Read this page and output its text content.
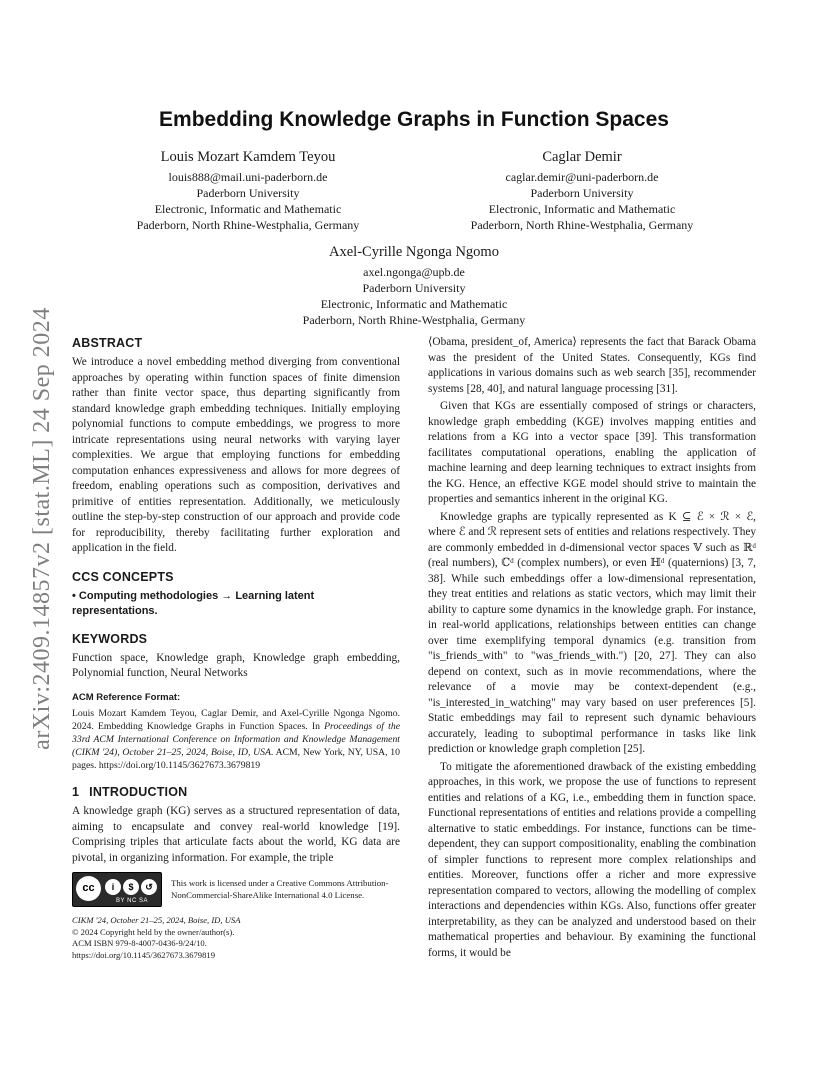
arXiv:2409.14857v2 [stat.ML] 24 Sep 2024
Embedding Knowledge Graphs in Function Spaces
Louis Mozart Kamdem Teyou
louis888@mail.uni-paderborn.de
Paderborn University
Electronic, Informatic and Mathematic
Paderborn, North Rhine-Westphalia, Germany
Caglar Demir
caglar.demir@uni-paderborn.de
Paderborn University
Electronic, Informatic and Mathematic
Paderborn, North Rhine-Westphalia, Germany
Axel-Cyrille Ngonga Ngomo
axel.ngonga@upb.de
Paderborn University
Electronic, Informatic and Mathematic
Paderborn, North Rhine-Westphalia, Germany
ABSTRACT

We introduce a novel embedding method diverging from conventional approaches by operating within function spaces of finite dimension rather than finite vector space, thus departing significantly from standard knowledge graph embedding techniques. Initially employing polynomial functions to compute embeddings, we progress to more intricate representations using neural networks with varying layer complexities. We argue that employing functions for embedding computation enhances expressiveness and allows for more degrees of freedom, enabling operations such as composition, derivatives and primitive of entities representation. Additionally, we meticulously outline the step-by-step construction of our approach and provide code for reproducibility, thereby facilitating further exploration and application in the field.

CCS CONCEPTS
• Computing methodologies → Learning latent representations.
KEYWORDS

Function space, Knowledge graph, Knowledge graph embedding, Polynomial function, Neural Networks

ACM Reference Format:
Louis Mozart Kamdem Teyou, Caglar Demir, and Axel-Cyrille Ngonga Ngomo. 2024. Embedding Knowledge Graphs in Function Spaces. In Proceedings of the 33rd ACM International Conference on Information and Knowledge Management (CIKM '24), October 21–25, 2024, Boise, ID, USA. ACM, New York, NY, USA, 10 pages. https://doi.org/10.1145/3627673.3679819
1 INTRODUCTION

A knowledge graph (KG) serves as a structured representation of data, aiming to encapsulate and convey real-world knowledge [19]. Comprising triples that articulate facts about the world, KG data are pivotal, in organizing information. For example, the triple

cc	i	$	↺
BY NC SA
This work is licensed under a Creative Commons Attribution-NonCommercial-ShareAlike International 4.0 License.
CIKM '24, October 21–25, 2024, Boise, ID, USA
© 2024 Copyright held by the owner/author(s).
ACM ISBN 979-8-4007-0436-9/24/10.
https://doi.org/10.1145/3627673.3679819

⟨Obama, president_of, America⟩ represents the fact that Barack Obama was the president of the United States. Consequently, KGs find applications in various domains such as web search [35], recommender systems [28, 40], and natural language processing [31].

Given that KGs are essentially composed of strings or characters, knowledge graph embedding (KGE) involves mapping entities and relations from a KG into a vector space [39]. This transformation facilitates computational operations, enabling the application of machine learning and deep learning techniques to extract insights from the KG. Hence, an effective KGE model should strive to maintain the properties and semantics inherent in the original KG.

Knowledge graphs are typically represented as K ⊆ ℰ × ℛ × ℰ, where ℰ and ℛ represent sets of entities and relations respectively. They are commonly embedded in d-dimensional vector spaces 𝕍 such as ℝᵈ (real numbers), ℂᵈ (complex numbers), or even ℍᵈ (quaternions) [3, 7, 38]. While such embeddings offer a low-dimensional representation, they treat entities and relations as static vectors, which may limit their ability to capture some dynamics in the knowledge graph. For instance, in real-world applications, relationships between entities can change over time exemplifying temporal dynamics (e.g. transition from "is_friends_with" to "was_friends_with.") [20, 27]. They can also depend on context, such as in movie recommendations, where the relevance of a movie may be context-dependent (e.g., "is_interested_in_watching" may vary based on user preferences [5]. Static embeddings may fail to represent such dynamic behaviours accurately, leading to suboptimal performance in tasks like link prediction or knowledge graph completion [25].

To mitigate the aforementioned drawback of the existing embedding approaches, in this work, we propose the use of functions to represent entities and relations of a KG, i.e., embedding them in function space. Functional representations of entities and relations provide a compelling alternative to static embeddings. For instance, functions can be time-dependent, they can support compositionality, enabling the combination of simpler functions to represent more complex relationships and entities. Moreover, functions offer a richer and more expressive representation compared to vectors, allowing the modelling of complex interactions and dependencies within KGs. Also, functions offer greater interpretability, as they can be analyzed and understood based on their mathematical properties and behaviour. By examining the functional forms, it would be
